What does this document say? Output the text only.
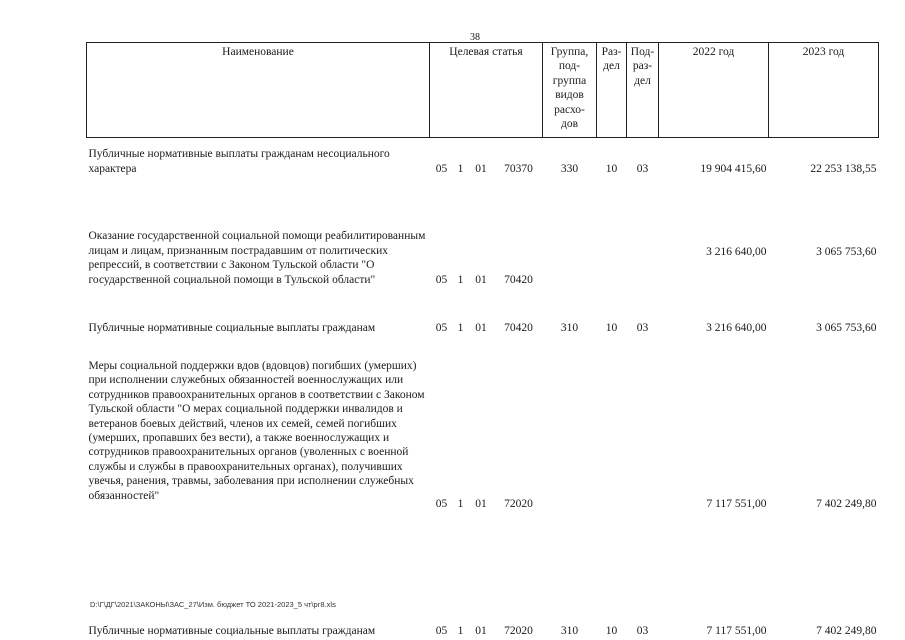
38
Наименование	Целевая статья				Группа, под-группа видов расхо-дов	Раз-дел	Под-раз-дел	2022 год	2023 год
Публичные нормативные выплаты гражданам несоциального характера	05	1	01	70370	330	10	03	19 904 415,60	22 253 138,55
Оказание государственной социальной помощи реабилитированным лицам и лицам, признанным пострадавшим от политических репрессий, в соответствии с Законом Тульской области "О государственной социальной помощи в Тульской области"	05	1	01	70420				3 216 640,00	3 065 753,60
Публичные нормативные социальные выплаты гражданам	05	1	01	70420	310	10	03	3 216 640,00	3 065 753,60
Меры социальной поддержки вдов (вдовцов) погибших (умерших) при исполнении служебных обязанностей военнослужащих или сотрудников правоохранительных органов в соответствии с Законом Тульской области "О мерах социальной поддержки инвалидов и ветеранов боевых действий, членов их семей, семей погибших (умерших, пропавших без вести), а также военнослужащих и сотрудников правоохранительных органов (уволенных с военной службы и службы в правоохранительных органах), получивших увечья, ранения, травмы, заболевания при исполнении служебных обязанностей"	05	1	01	72020				7 117 551,00	7 402 249,80
Публичные нормативные социальные выплаты гражданам	05	1	01	72020	310	10	03	7 117 551,00	7 402 249,80
D:\Г\ДГ\2021\ЗАКОНЫ\ЗАС_27\Изм. бюджет ТО 2021-2023_5 чт\рг8.xls
